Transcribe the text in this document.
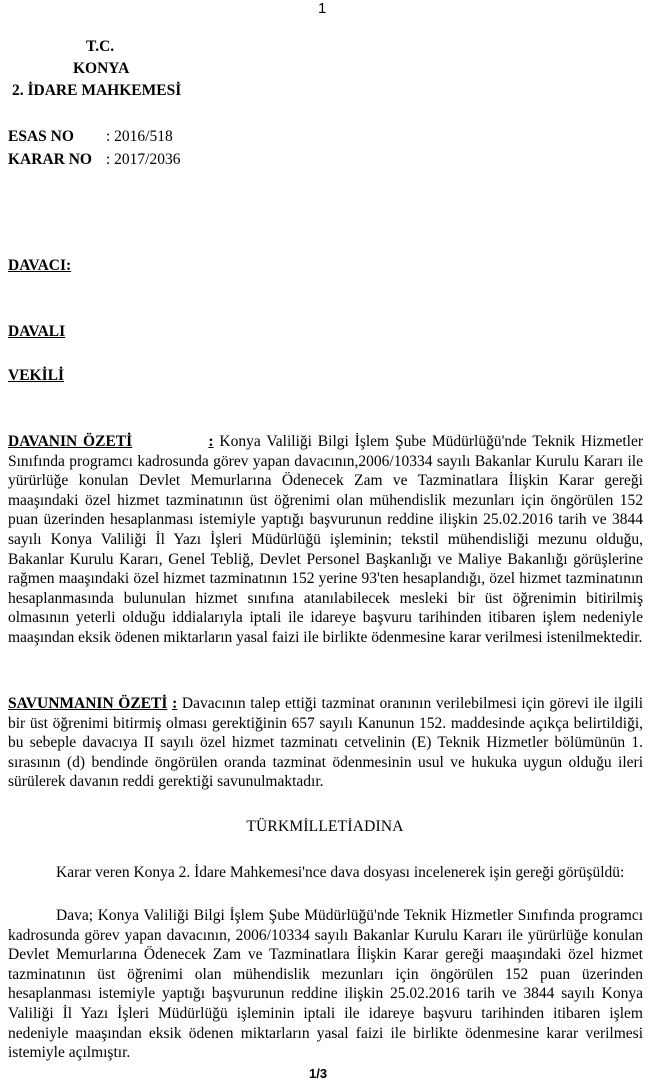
1
T.C.
KONYA
2. İDARE MAHKEMESİ
ESAS NO : 2016/518
KARAR NO : 2017/2036
DAVACI:
DAVALI
VEKİLİ
DAVANIN ÖZETİ	: Konya Valiliği Bilgi İşlem Şube Müdürlüğü'nde Teknik Hizmetler Sınıfında programcı kadrosunda görev yapan davacının,2006/10334 sayılı Bakanlar Kurulu Kararı ile yürürlüğe konulan Devlet Memurlarına Ödenecek Zam ve Tazminatlara İlişkin Karar gereği maaşındaki özel hizmet tazminatının üst öğrenimi olan mühendislik mezunları için öngörülen 152 puan üzerinden hesaplanması istemiyle yaptığı başvurunun reddine ilişkin 25.02.2016 tarih ve 3844 sayılı Konya Valiliği İl Yazı İşleri Müdürlüğü işleminin; tekstil mühendisliği mezunu olduğu, Bakanlar Kurulu Kararı, Genel Tebliğ, Devlet Personel Başkanlığı ve Maliye Bakanlığı görüşlerine rağmen maaşındaki özel hizmet tazminatının 152 yerine 93'ten hesaplandığı, özel hizmet tazminatının hesaplanmasında bulunulan hizmet sınıfına atanılabilecek mesleki bir üst öğrenimin bitirilmiş olmasının yeterli olduğu iddialarıyla iptali ile idareye başvuru tarihinden itibaren işlem nedeniyle maaşından eksik ödenen miktarların yasal faizi ile birlikte ödenmesine karar verilmesi istenilmektedir.
SAVUNMANIN ÖZETİ : Davacının talep ettiği tazminat oranının verilebilmesi için görevi ile ilgili bir üst öğrenimi bitirmiş olması gerektiğinin 657 sayılı Kanunun 152. maddesinde açıkça belirtildiği, bu sebeple davacıya II sayılı özel hizmet tazminatı cetvelinin (E) Teknik Hizmetler bölümünün 1. sırasının (d) bendinde öngörülen oranda tazminat ödenmesinin usul ve hukuka uygun olduğu ileri sürülerek davanın reddi gerektiği savunulmaktadır.
TÜRKMİLLETİADINA
Karar veren Konya 2. İdare Mahkemesi'nce dava dosyası incelenerek işin gereği görüşüldü:
Dava; Konya Valiliği Bilgi İşlem Şube Müdürlüğü'nde Teknik Hizmetler Sınıfında programcı kadrosunda görev yapan davacının, 2006/10334 sayılı Bakanlar Kurulu Kararı ile yürürlüğe konulan Devlet Memurlarına Ödenecek Zam ve Tazminatlara İlişkin Karar gereği maaşındaki özel hizmet tazminatının üst öğrenimi olan mühendislik mezunları için öngörülen 152 puan üzerinden hesaplanması istemiyle yaptığı başvurunun reddine ilişkin 25.02.2016 tarih ve 3844 sayılı Konya Valiliği İl Yazı İşleri Müdürlüğü işleminin iptali ile idareye başvuru tarihinden itibaren işlem nedeniyle maaşından eksik ödenen miktarların yasal faizi ile birlikte ödenmesine karar verilmesi istemiyle açılmıştır.
1/3
